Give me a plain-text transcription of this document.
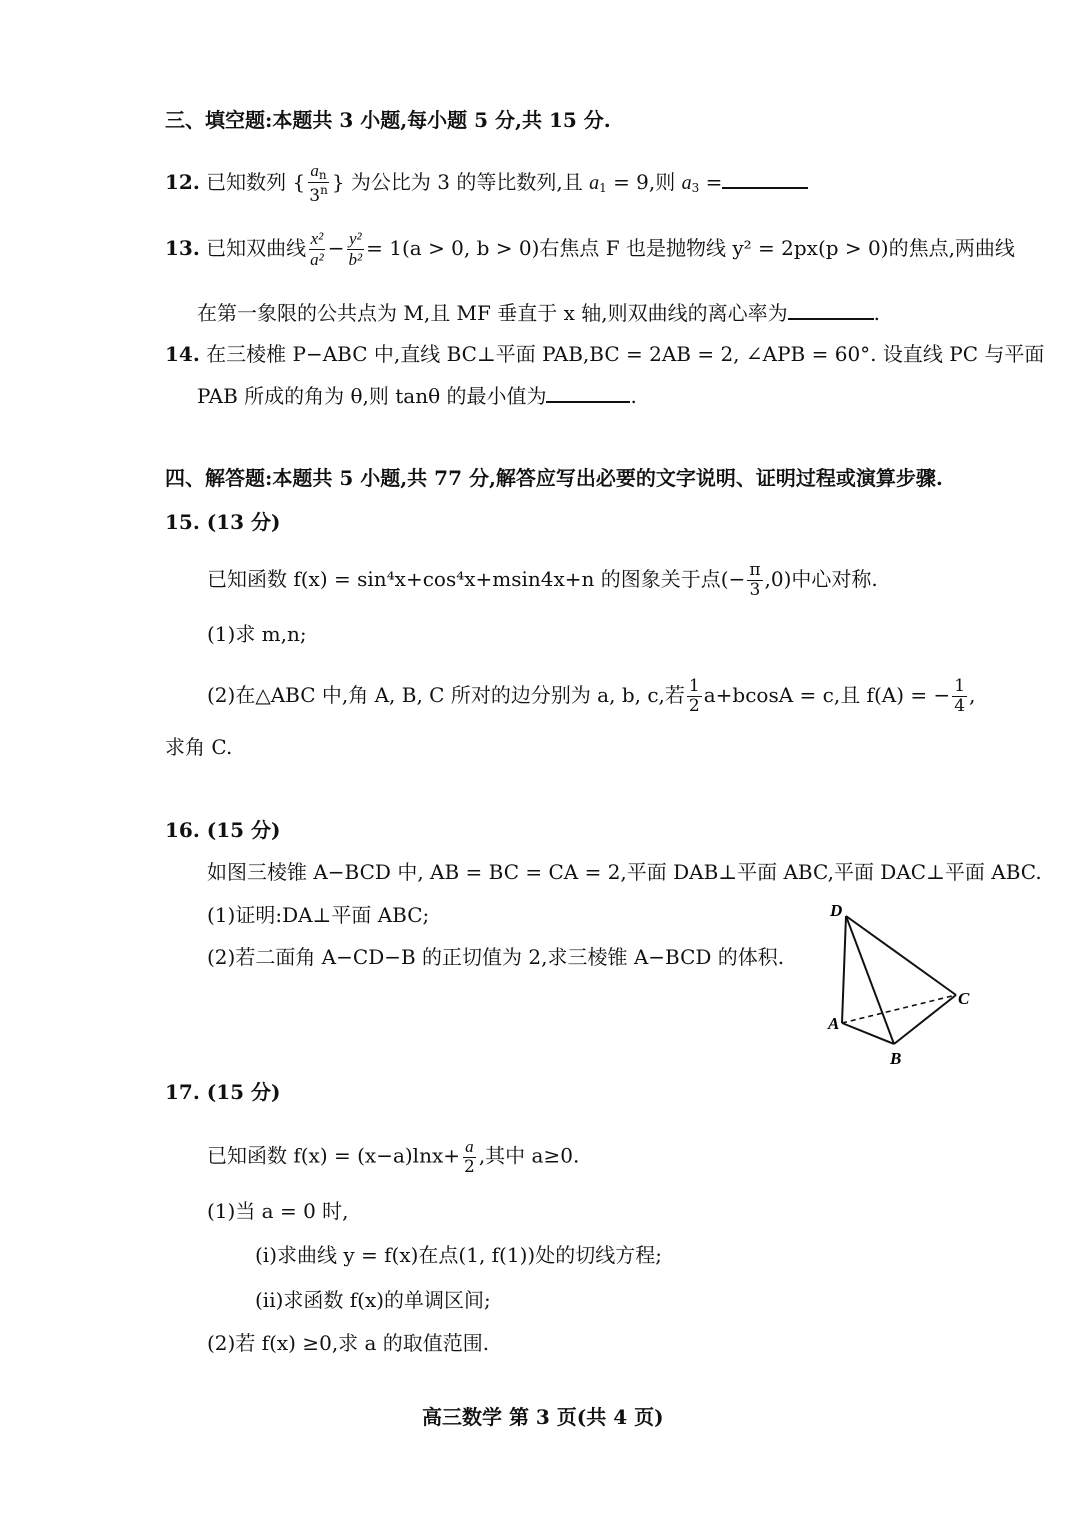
三、填空题:本题共 3 小题,每小题 5 分,共 15 分.
12. 已知数列 { $\frac{a_n}{3^n}$ } 为公比为 3 的等比数列,且 $a_1 = 9$,则 $a_3$ =
13. 已知双曲线 $\frac{\text{x²}}{\text{a²}} - \frac{\text{y²}}{\text{b²}} = 1(a > 0$, b > 0)右焦点 F 也是抛物线 y² = 2px(p > 0)的焦点,两曲线
在第一象限的公共点为 M,且 MF 垂直于 x 轴,则双曲线的离心率为	.
14. 在三棱椎 P−ABC 中,直线 BC⊥平面 PAB,BC = 2AB = 2, ∠APB = 60°. 设直线 PC 与平面
PAB 所成的角为 θ,则 tanθ 的最小值为	.
四、解答题:本题共 5 小题,共 77 分,解答应写出必要的文字说明、证明过程或演算步骤.
15. (13 分)
已知函数 f(x) = sin⁴x+cos⁴x+msin4x+n 的图象关于点(− $\frac{\pi}{3} ,0$)中心对称.
(1)求 m,n;
(2)在△ABC 中,角 A, B, C 所对的边分别为 a, b, c,若 $\frac{1}{2} a+bcosA = c$,且 f(A) = − $\frac{1}{4}$ ,
求角 C.
16. (15 分)
如图三棱锥 A−BCD 中, AB = BC = CA = 2,平面 DAB⊥平面 ABC,平面 DAC⊥平面 ABC.
(1)证明:DA⊥平面 ABC;
(2)若二面角 A−CD−B 的正切值为 2,求三棱锥 A−BCD 的体积.
D
A
B
C
17. (15 分)
已知函数 $f(x) = (x-a)\ln x+ \frac{a}{2}$ ,其中 a≥0.
(1)当 a = 0 时,
(i)求曲线 y = f(x)在点(1, f(1))处的切线方程;
(ii)求函数 f(x)的单调区间;
(2)若 f(x) ≥0,求 a 的取值范围.
高三数学 第 3 页(共 4 页)
